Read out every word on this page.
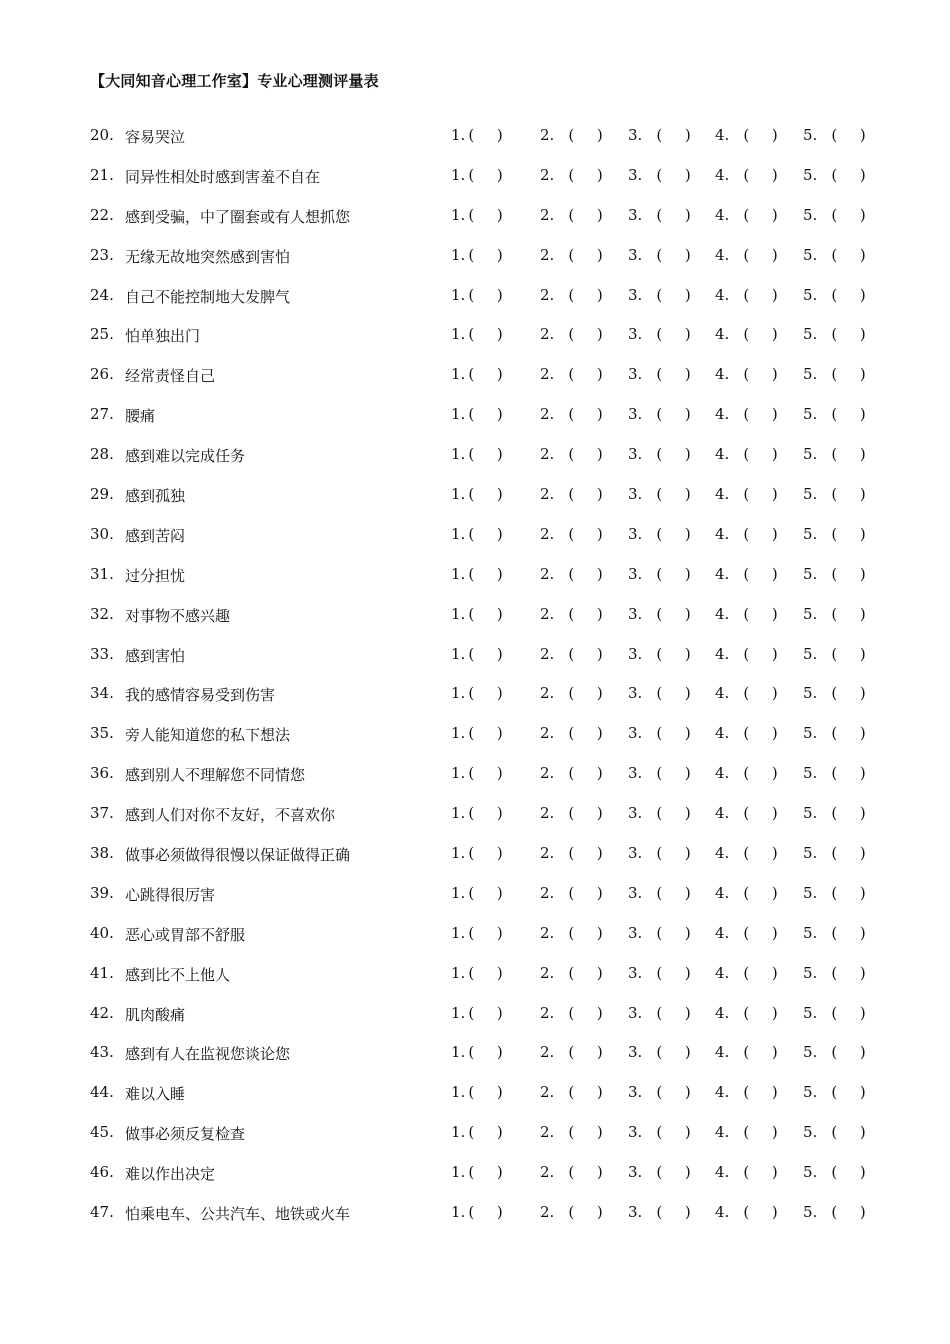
【大同知音心理工作室】专业心理测评量表
20. 容易哭泣	1. ( ) 2. ( ) 3. ( ) 4. ( ) 5. ( )
21. 同异性相处时感到害羞不自在	1. ( ) 2. ( ) 3. ( ) 4. ( ) 5. ( )
22. 感到受骗，中了圈套或有人想抓您	1. ( ) 2. ( ) 3. ( ) 4. ( ) 5. ( )
23. 无缘无故地突然感到害怕	1. ( ) 2. ( ) 3. ( ) 4. ( ) 5. ( )
24. 自己不能控制地大发脾气	1. ( ) 2. ( ) 3. ( ) 4. ( ) 5. ( )
25. 怕单独出门	1. ( ) 2. ( ) 3. ( ) 4. ( ) 5. ( )
26. 经常责怪自己	1. ( ) 2. ( ) 3. ( ) 4. ( ) 5. ( )
27. 腰痛	1. ( ) 2. ( ) 3. ( ) 4. ( ) 5. ( )
28. 感到难以完成任务	1. ( ) 2. ( ) 3. ( ) 4. ( ) 5. ( )
29. 感到孤独	1. ( ) 2. ( ) 3. ( ) 4. ( ) 5. ( )
30. 感到苦闷	1. ( ) 2. ( ) 3. ( ) 4. ( ) 5. ( )
31. 过分担忧	1. ( ) 2. ( ) 3. ( ) 4. ( ) 5. ( )
32. 对事物不感兴趣	1. ( ) 2. ( ) 3. ( ) 4. ( ) 5. ( )
33. 感到害怕	1. ( ) 2. ( ) 3. ( ) 4. ( ) 5. ( )
34. 我的感情容易受到伤害	1. ( ) 2. ( ) 3. ( ) 4. ( ) 5. ( )
35. 旁人能知道您的私下想法	1. ( ) 2. ( ) 3. ( ) 4. ( ) 5. ( )
36. 感到别人不理解您不同情您	1. ( ) 2. ( ) 3. ( ) 4. ( ) 5. ( )
37. 感到人们对你不友好，不喜欢你	1. ( ) 2. ( ) 3. ( ) 4. ( ) 5. ( )
38. 做事必须做得很慢以保证做得正确	1. ( ) 2. ( ) 3. ( ) 4. ( ) 5. ( )
39. 心跳得很厉害	1. ( ) 2. ( ) 3. ( ) 4. ( ) 5. ( )
40. 恶心或胃部不舒服	1. ( ) 2. ( ) 3. ( ) 4. ( ) 5. ( )
41. 感到比不上他人	1. ( ) 2. ( ) 3. ( ) 4. ( ) 5. ( )
42. 肌肉酸痛	1. ( ) 2. ( ) 3. ( ) 4. ( ) 5. ( )
43. 感到有人在监视您谈论您	1. ( ) 2. ( ) 3. ( ) 4. ( ) 5. ( )
44. 难以入睡	1. ( ) 2. ( ) 3. ( ) 4. ( ) 5. ( )
45. 做事必须反复检查	1. ( ) 2. ( ) 3. ( ) 4. ( ) 5. ( )
46. 难以作出决定	1. ( ) 2. ( ) 3. ( ) 4. ( ) 5. ( )
47. 怕乘电车、公共汽车、地铁或火车	1. ( ) 2. ( ) 3. ( ) 4. ( ) 5. ( )
